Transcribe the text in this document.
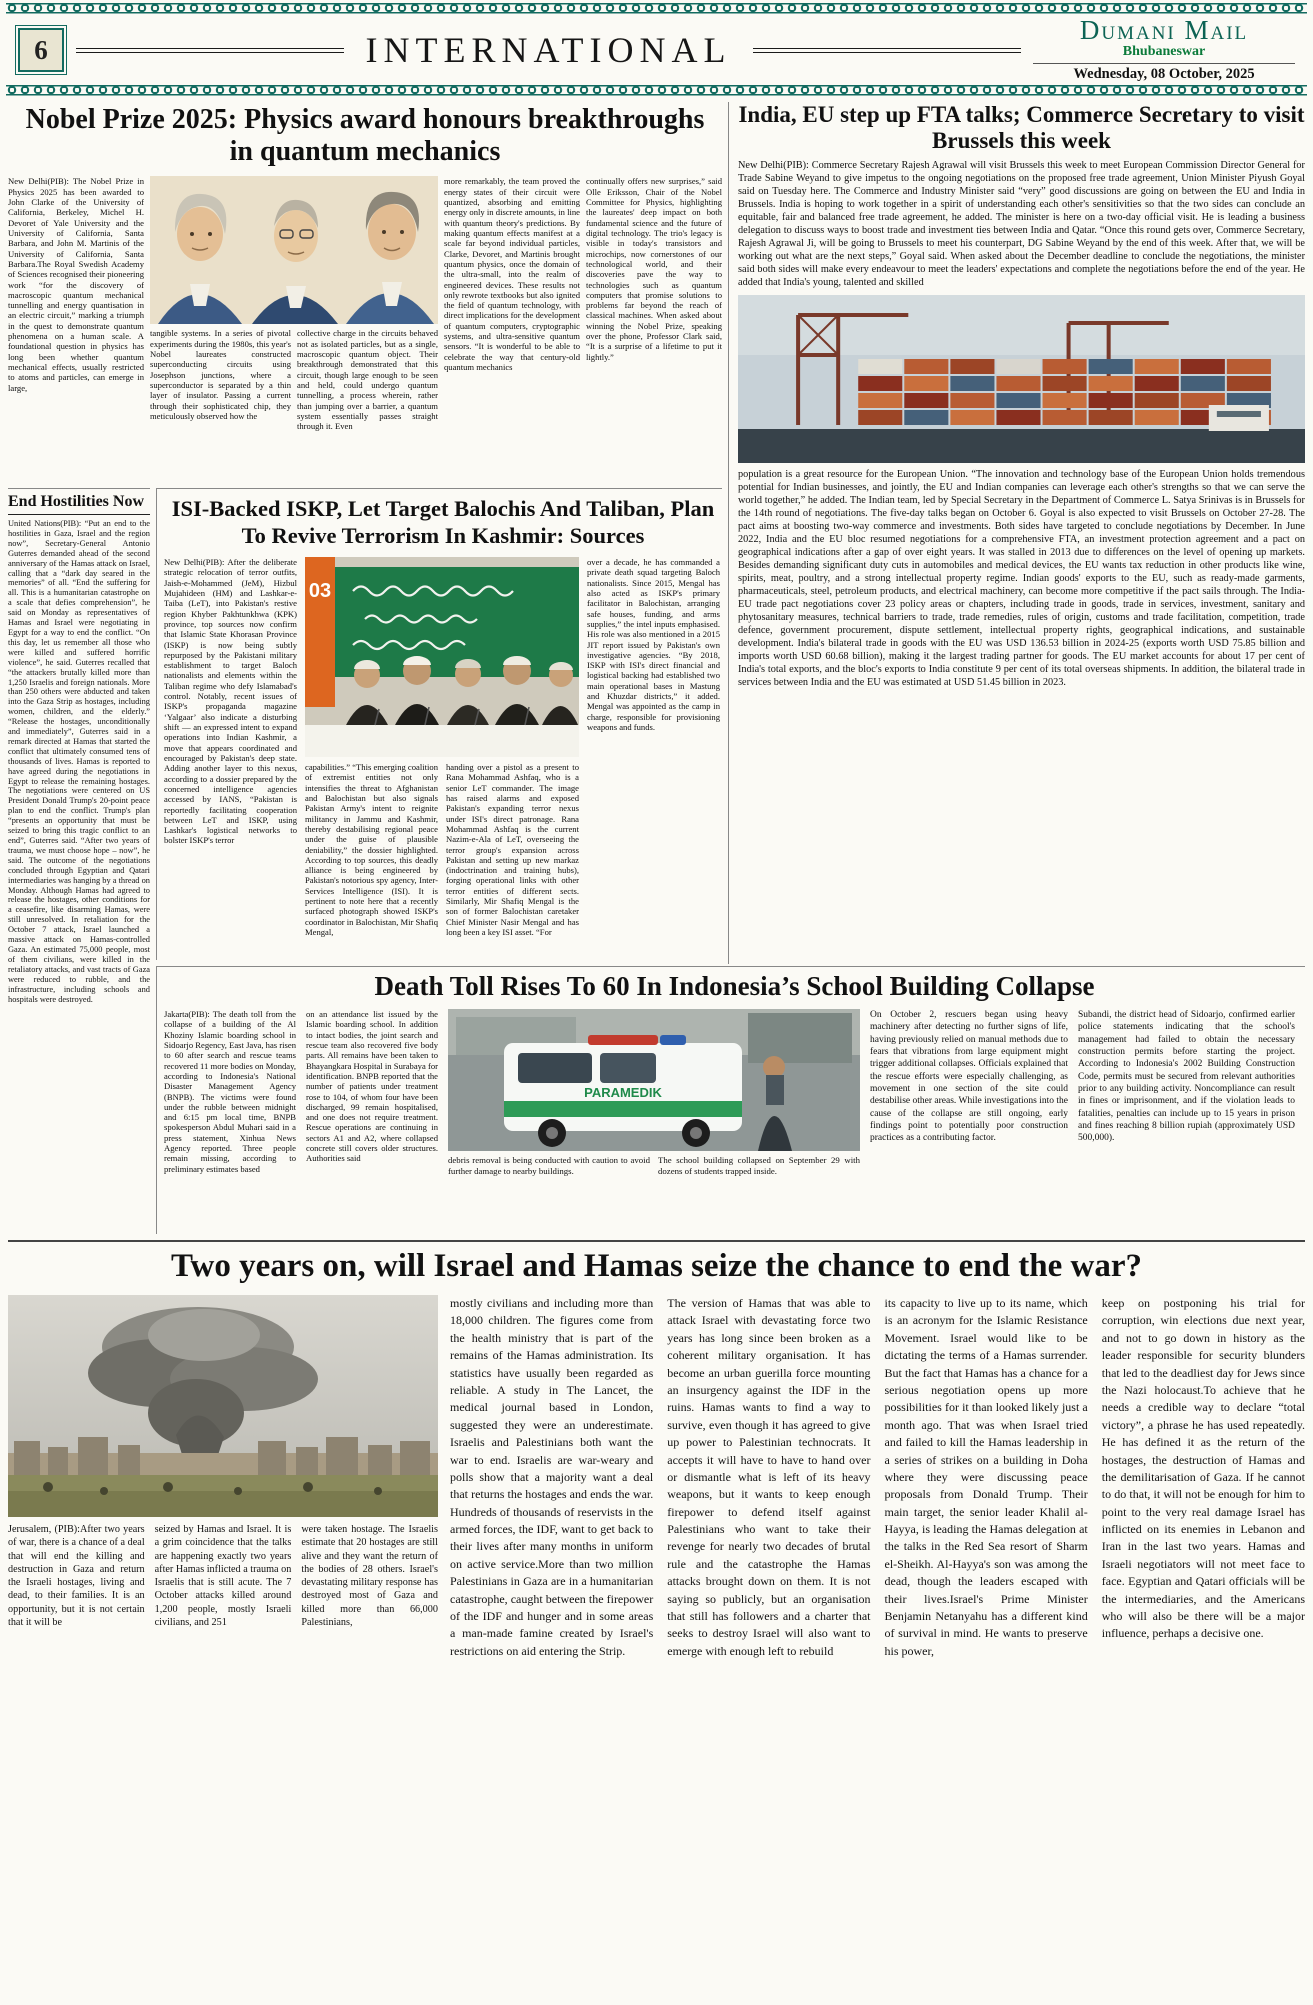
6	INTERNATIONAL	Dumani Mail
Bhubaneswar
Wednesday, 08 October, 2025
Nobel Prize 2025: Physics award honours breakthroughs in quantum mechanics
New Delhi(PIB): The Nobel Prize in Physics 2025 has been awarded to John Clarke of the University of California, Berkeley, Michel H. Devoret of Yale University and the University of California, Santa Barbara, and John M. Martinis of the University of California, Santa Barbara.The Royal Swedish Academy of Sciences recognised their pioneering work “for the discovery of macroscopic quantum mechanical tunnelling and energy quantisation in an electric circuit,” marking a triumph in the quest to demonstrate quantum phenomena on a human scale. A foundational question in physics has long been whether quantum mechanical effects, usually restricted to atoms and particles, can emerge in large,
tangible systems. In a series of pivotal experiments during the 1980s, this year's Nobel laureates constructed superconducting circuits using Josephson junctions, where a superconductor is separated by a thin layer of insulator. Passing a current through their sophisticated chip, they meticulously observed how the
collective charge in the circuits behaved not as isolated particles, but as a single, macroscopic quantum object. Their breakthrough demonstrated that this circuit, though large enough to be seen and held, could undergo quantum tunnelling, a process wherein, rather than jumping over a barrier, a quantum system essentially passes straight through it. Even
more remarkably, the team proved the energy states of their circuit were quantized, absorbing and emitting energy only in discrete amounts, in line with quantum theory's predictions. By making quantum effects manifest at a scale far beyond individual particles, Clarke, Devoret, and Martinis brought quantum physics, once the domain of the ultra-small, into the realm of engineered devices. These results not only rewrote textbooks but also ignited the field of quantum technology, with direct implications for the development of quantum computers, cryptographic systems, and ultra-sensitive quantum sensors. “It is wonderful to be able to celebrate the way that century-old quantum mechanics
continually offers new surprises,” said Olle Eriksson, Chair of the Nobel Committee for Physics, highlighting the laureates' deep impact on both fundamental science and the future of digital technology. The trio's legacy is visible in today's transistors and microchips, now cornerstones of our technological world, and their discoveries pave the way to technologies such as quantum computers that promise solutions to problems far beyond the reach of classical machines. When asked about winning the Nobel Prize, speaking over the phone, Professor Clark said, “It is a surprise of a lifetime to put it lightly.”
India, EU step up FTA talks; Commerce Secretary to visit Brussels this week
New Delhi(PIB): Commerce Secretary Rajesh Agrawal will visit Brussels this week to meet European Commission Director General for Trade Sabine Weyand to give impetus to the ongoing negotiations on the proposed free trade agreement, Union Minister Piyush Goyal said on Tuesday here. The Commerce and Industry Minister said “very” good discussions are going on between the EU and India in Brussels. India is hoping to work together in a spirit of understanding each other's sensitivities so that the two sides can conclude an equitable, fair and balanced free trade agreement, he added. The minister is here on a two-day official visit. He is leading a business delegation to discuss ways to boost trade and investment ties between India and Qatar. “Once this round gets over, Commerce Secretary, Rajesh Agrawal Ji, will be going to Brussels to meet his counterpart, DG Sabine Weyand by the end of this week. After that, we will be working out what are the next steps,” Goyal said. When asked about the December deadline to conclude the negotiations, the minister said both sides will make every endeavour to meet the leaders' expectations and complete the negotiations before the end of the year. He added that India's young, talented and skilled
population is a great resource for the European Union. “The innovation and technology base of the European Union holds tremendous potential for Indian businesses, and jointly, the EU and Indian companies can leverage each other's strengths so that we can serve the world together,” he added. The Indian team, led by Special Secretary in the Department of Commerce L. Satya Srinivas is in Brussels for the 14th round of negotiations. The five-day talks began on October 6. Goyal is also expected to visit Brussels on October 27-28. The pact aims at boosting two-way commerce and investments. Both sides have targeted to conclude negotiations by December. In June 2022, India and the EU bloc resumed negotiations for a comprehensive FTA, an investment protection agreement and a pact on geographical indications after a gap of over eight years. It was stalled in 2013 due to differences on the level of opening up markets. Besides demanding significant duty cuts in automobiles and medical devices, the EU wants tax reduction in other products like wine, spirits, meat, poultry, and a strong intellectual property regime. Indian goods' exports to the EU, such as ready-made garments, pharmaceuticals, steel, petroleum products, and electrical machinery, can become more competitive if the pact sails through. The India-EU trade pact negotiations cover 23 policy areas or chapters, including trade in goods, trade in services, investment, sanitary and phytosanitary measures, technical barriers to trade, trade remedies, rules of origin, customs and trade facilitation, competition, trade defence, government procurement, dispute settlement, intellectual property rights, geographical indications, and sustainable development. India's bilateral trade in goods with the EU was USD 136.53 billion in 2024-25 (exports worth USD 75.85 billion and imports worth USD 60.68 billion), making it the largest trading partner for goods. The EU market accounts for about 17 per cent of India's total exports, and the bloc's exports to India constitute 9 per cent of its total overseas shipments. In addition, the bilateral trade in services between India and the EU was estimated at USD 51.45 billion in 2023.
End Hostilities Now
United Nations(PIB): “Put an end to the hostilities in Gaza, Israel and the region now”, Secretary-General Antonio Guterres demanded ahead of the second anniversary of the Hamas attack on Israel, calling that a “dark day seared in the memories” of all. “End the suffering for all. This is a humanitarian catastrophe on a scale that defies comprehension”, he said on Monday as representatives of Hamas and Israel were negotiating in Egypt for a way to end the conflict. “On this day, let us remember all those who were killed and suffered horrific violence”, he said. Guterres recalled that “the attackers brutally killed more than 1,250 Israelis and foreign nationals. More than 250 others were abducted and taken into the Gaza Strip as hostages, including women, children, and the elderly.” “Release the hostages, unconditionally and immediately”, Guterres said in a remark directed at Hamas that started the conflict that ultimately consumed tens of thousands of lives. Hamas is reported to have agreed during the negotiations in Egypt to release the remaining hostages. The negotiations were centered on US President Donald Trump's 20-point peace plan to end the conflict. Trump's plan “presents an opportunity that must be seized to bring this tragic conflict to an end”, Guterres said. “After two years of trauma, we must choose hope – now”, he said. The outcome of the negotiations concluded through Egyptian and Qatari intermediaries was hanging by a thread on Monday. Although Hamas had agreed to release the hostages, other conditions for a ceasefire, like disarming Hamas, were still unresolved. In retaliation for the October 7 attack, Israel launched a massive attack on Hamas-controlled Gaza. An estimated 75,000 people, most of them civilians, were killed in the retaliatory attacks, and vast tracts of Gaza were reduced to rubble, and the infrastructure, including schools and hospitals were destroyed.
ISI-Backed ISKP, Let Target Balochis And Taliban, Plan To Revive Terrorism In Kashmir: Sources
New Delhi(PIB): After the deliberate strategic relocation of terror outfits, Jaish-e-Mohammed (JeM), Hizbul Mujahideen (HM) and Lashkar-e-Taiba (LeT), into Pakistan's restive region Khyber Pakhtunkhwa (KPK) province, top sources now confirm that Islamic State Khorasan Province (ISKP) is now being subtly repurposed by the Pakistani military establishment to target Baloch nationalists and elements within the Taliban regime who defy Islamabad's control. Notably, recent issues of ISKP's propaganda magazine ‘Yalgaar’ also indicate a disturbing shift — an expressed intent to expand operations into Indian Kashmir, a move that appears coordinated and encouraged by Pakistan's deep state. Adding another layer to this nexus, according to a dossier prepared by the concerned intelligence agencies accessed by IANS, “Pakistan is reportedly facilitating cooperation between LeT and ISKP, using Lashkar's logistical networks to bolster ISKP's terror
03
capabilities.” “This emerging coalition of extremist entities not only intensifies the threat to Afghanistan and Balochistan but also signals Pakistan Army's intent to reignite militancy in Jammu and Kashmir, thereby destabilising regional peace under the guise of plausible deniability,” the dossier highlighted. According to top sources, this deadly alliance is being engineered by Pakistan's notorious spy agency, Inter-Services Intelligence (ISI). It is pertinent to note here that a recently surfaced photograph showed ISKP's coordinator in Balochistan, Mir Shafiq Mengal,
handing over a pistol as a present to Rana Mohammad Ashfaq, who is a senior LeT commander. The image has raised alarms and exposed Pakistan's expanding terror nexus under ISI's direct patronage. Rana Mohammad Ashfaq is the current Nazim-e-Ala of LeT, overseeing the terror group's expansion across Pakistan and setting up new markaz (indoctrination and training hubs), forging operational links with other terror entities of different sects. Similarly, Mir Shafiq Mengal is the son of former Balochistan caretaker Chief Minister Nasir Mengal and has long been a key ISI asset. “For
over a decade, he has commanded a private death squad targeting Baloch nationalists. Since 2015, Mengal has also acted as ISKP's primary facilitator in Balochistan, arranging safe houses, funding, and arms supplies,” the intel inputs emphasised. His role was also mentioned in a 2015 JIT report issued by Pakistan's own investigative agencies. “By 2018, ISKP with ISI's direct financial and logistical backing had established two main operational bases in Mastung and Khuzdar districts,” it added. Mengal was appointed as the camp in charge, responsible for provisioning weapons and funds.
Death Toll Rises To 60 In Indonesia’s School Building Collapse
Jakarta(PIB): The death toll from the collapse of a building of the Al Khoziny Islamic boarding school in Sidoarjo Regency, East Java, has risen to 60 after search and rescue teams recovered 11 more bodies on Monday, according to Indonesia's National Disaster Management Agency (BNPB). The victims were found under the rubble between midnight and 6:15 pm local time, BNPB spokesperson Abdul Muhari said in a press statement, Xinhua News Agency reported. Three people remain missing, according to preliminary estimates based
on an attendance list issued by the Islamic boarding school. In addition to intact bodies, the joint search and rescue team also recovered five body parts. All remains have been taken to Bhayangkara Hospital in Surabaya for identification. BNPB reported that the number of patients under treatment rose to 104, of whom four have been discharged, 99 remain hospitalised, and one does not require treatment. Rescue operations are continuing in sectors A1 and A2, where collapsed concrete still covers older structures. Authorities said
PARAMEDIK
debris removal is being conducted with caution to avoid further damage to nearby buildings.
The school building collapsed on September 29 with dozens of students trapped inside.
On October 2, rescuers began using heavy machinery after detecting no further signs of life, having previously relied on manual methods due to fears that vibrations from large equipment might trigger additional collapses. Officials explained that the rescue efforts were especially challenging, as movement in one section of the site could destabilise other areas. While investigations into the cause of the collapse are still ongoing, early findings point to potentially poor construction practices as a contributing factor.
Subandi, the district head of Sidoarjo, confirmed earlier police statements indicating that the school's management had failed to obtain the necessary construction permits before starting the project. According to Indonesia's 2002 Building Construction Code, permits must be secured from relevant authorities prior to any building activity. Noncompliance can result in fines or imprisonment, and if the violation leads to fatalities, penalties can include up to 15 years in prison and fines reaching 8 billion rupiah (approximately USD 500,000).
Two years on, will Israel and Hamas seize the chance to end the war?

Jerusalem, (PIB):After two years of war, there is a chance of a deal that will end the killing and destruction in Gaza and return the Israeli hostages, living and dead, to their families. It is an opportunity, but it is not certain that it will be

seized by Hamas and Israel. It is a grim coincidence that the talks are happening exactly two years after Hamas inflicted a trauma on Israelis that is still acute. The 7 October attacks killed around 1,200 people, mostly Israeli civilians, and 251

were taken hostage. The Israelis estimate that 20 hostages are still alive and they want the return of the bodies of 28 others. Israel's devastating military response has destroyed most of Gaza and killed more than 66,000 Palestinians,

mostly civilians and including more than 18,000 children. The figures come from the health ministry that is part of the remains of the Hamas administration. Its statistics have usually been regarded as reliable. A study in The Lancet, the medical journal based in London, suggested they were an underestimate. Israelis and Palestinians both want the war to end. Israelis are war-weary and polls show that a majority want a deal that returns the hostages and ends the war. Hundreds of thousands of reservists in the armed forces, the IDF, want to get back to their lives after many months in uniform on active service.More than two million Palestinians in Gaza are in a humanitarian catastrophe, caught between the firepower of the IDF and hunger and in some areas a man-made famine created by Israel's restrictions on aid entering the Strip.

The version of Hamas that was able to attack Israel with devastating force two years has long since been broken as a coherent military organisation. It has become an urban guerilla force mounting an insurgency against the IDF in the ruins. Hamas wants to find a way to survive, even though it has agreed to give up power to Palestinian technocrats. It accepts it will have to have to hand over or dismantle what is left of its heavy weapons, but it wants to keep enough firepower to defend itself against Palestinians who want to take their revenge for nearly two decades of brutal rule and the catastrophe the Hamas attacks brought down on them. It is not saying so publicly, but an organisation that still has followers and a charter that seeks to destroy Israel will also want to emerge with enough left to rebuild

its capacity to live up to its name, which is an acronym for the Islamic Resistance Movement. Israel would like to be dictating the terms of a Hamas surrender. But the fact that Hamas has a chance for a serious negotiation opens up more possibilities for it than looked likely just a month ago. That was when Israel tried and failed to kill the Hamas leadership in a series of strikes on a building in Doha where they were discussing peace proposals from Donald Trump. Their main target, the senior leader Khalil al-Hayya, is leading the Hamas delegation at the talks in the Red Sea resort of Sharm el-Sheikh. Al-Hayya's son was among the dead, though the leaders escaped with their lives.Israel's Prime Minister Benjamin Netanyahu has a different kind of survival in mind. He wants to preserve his power,

keep on postponing his trial for corruption, win elections due next year, and not to go down in history as the leader responsible for security blunders that led to the deadliest day for Jews since the Nazi holocaust.To achieve that he needs a credible way to declare “total victory”, a phrase he has used repeatedly. He has defined it as the return of the hostages, the destruction of Hamas and the demilitarisation of Gaza. If he cannot to do that, it will not be enough for him to point to the very real damage Israel has inflicted on its enemies in Lebanon and Iran in the last two years. Hamas and Israeli negotiators will not meet face to face. Egyptian and Qatari officials will be the intermediaries, and the Americans who will also be there will be a major influence, perhaps a decisive one.
